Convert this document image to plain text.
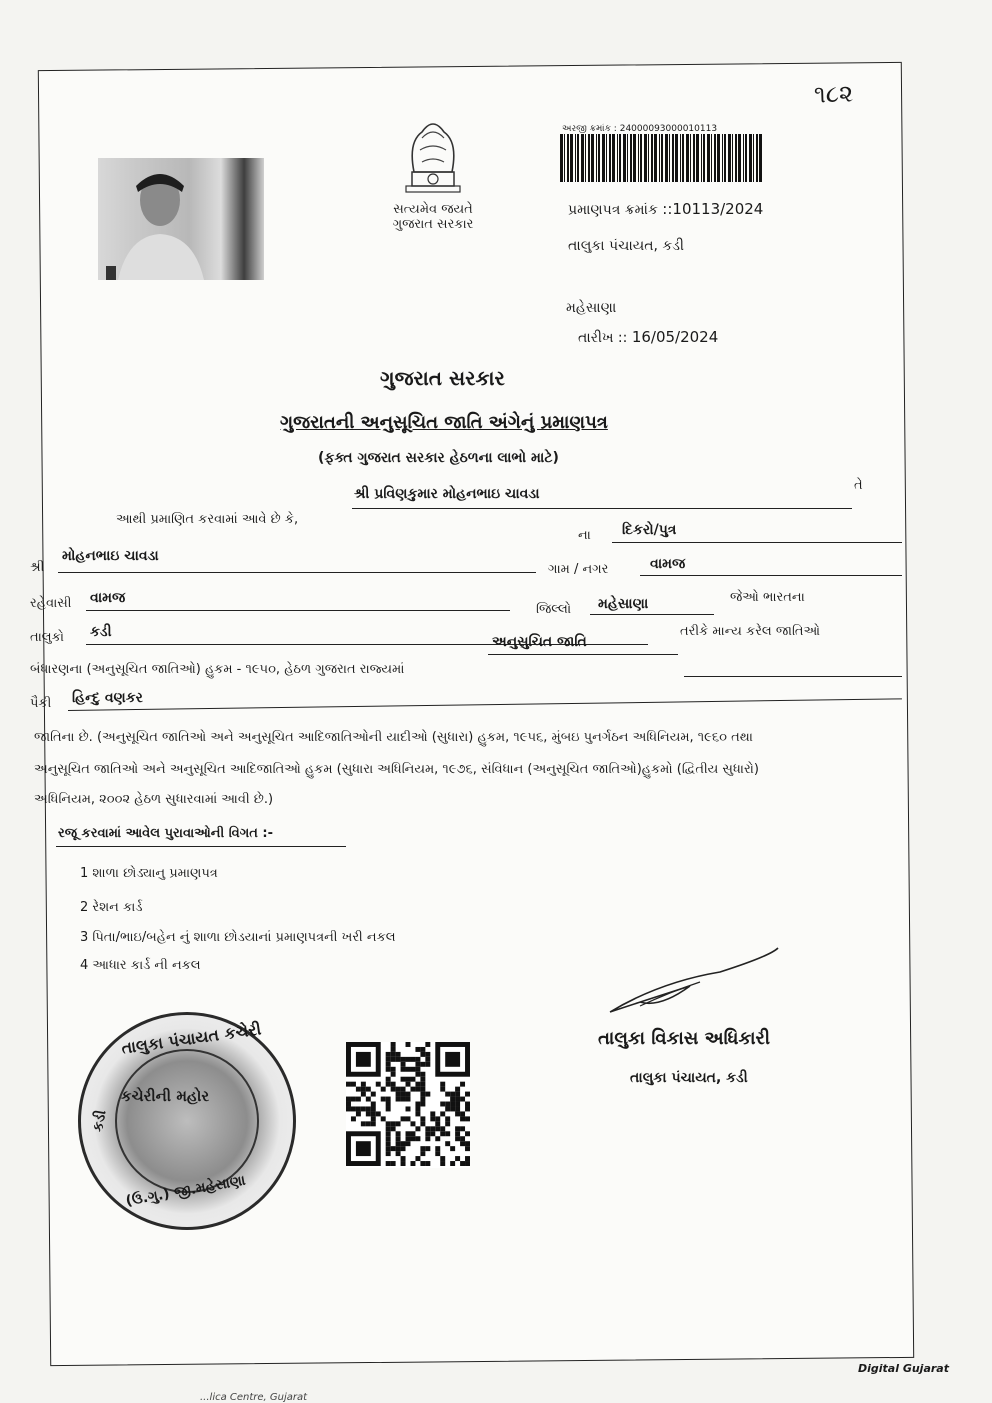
૧૮૨
સત્યમેવ જયતે
ગુજરાત સરકાર
અરજી ક્રમાંક : 24000093000010113
પ્રમાણપત્ર ક્રમાંક ::10113/2024
તાલુકા પંચાયત, કડી
મહેસાણા
તારીખ :: 16/05/2024
ગુજરાત સરકાર
ગુજરાતની અનુસૂચિત જાતિ અંગેનું પ્રમાણપત્ર
(ફક્ત ગુજરાત સરકાર હેઠળના લાભો માટે)
આથી પ્રમાણિત કરવામાં આવે છે કે,
શ્રી પ્રવિણકુમાર મોહનભાઇ ચાવડા
તે
ના દિકરો/પુત્ર
શ્રી
મોહનભાઇ ચાવડા
ગામ / નગર	વામજ
રહેવાસી વામજ
જિલ્લો મહેસાણા	જેઓ ભારતના
તાલુકો કડી
બંધારણના (અનુસૂચિત જાતિઓ) હુકમ - ૧૯૫૦, હેઠળ ગુજરાત રાજ્યમાં
અનુસુચિત જાતિ
તરીકે માન્ય કરેલ જાતિઓ
પૈકી હિન્દુ વણકર
જાતિના છે. (અનુસૂચિત જાતિઓ અને અનુસૂચિત આદિજાતિઓની યાદીઓ (સુધારા) હુકમ, ૧૯૫૬, મુંબઇ પુનર્ગઠન અધિનિયમ, ૧૯૬૦ તથા
અનુસૂચિત જાતિઓ અને અનુસૂચિત આદિજાતિઓ હુકમ (સુધારા અધિનિયમ, ૧૯૭૬, સંવિધાન (અનુસૂચિત જાતિઓ)હુકમો (દ્વિતીય સુધારો)
અધિનિયમ, ૨૦૦૨ હેઠળ સુધારવામાં આવી છે.)
રજૂ કરવામાં આવેલ પુરાવાઓની વિગત :-
1 શાળા છોડ્યાનુ પ્રમાણપત્ર
2 રેશન કાર્ડ
3 પિતા/ભાઇ/બહેન નું શાળા છોડયાનાં પ્રમાણપત્રની ખરી નકલ
4 આધાર કાર્ડ ની નકલ
તાલુકા પંચાયત કચેરી
કચેરીની મહોર
કડી
(ઉ.ગુ.) જી.મહેસાણા
તાલુકા વિકાસ અધિકારી
તાલુકા પંચાયત, કડી
Digital Gujarat
...lica Centre, Gujarat
